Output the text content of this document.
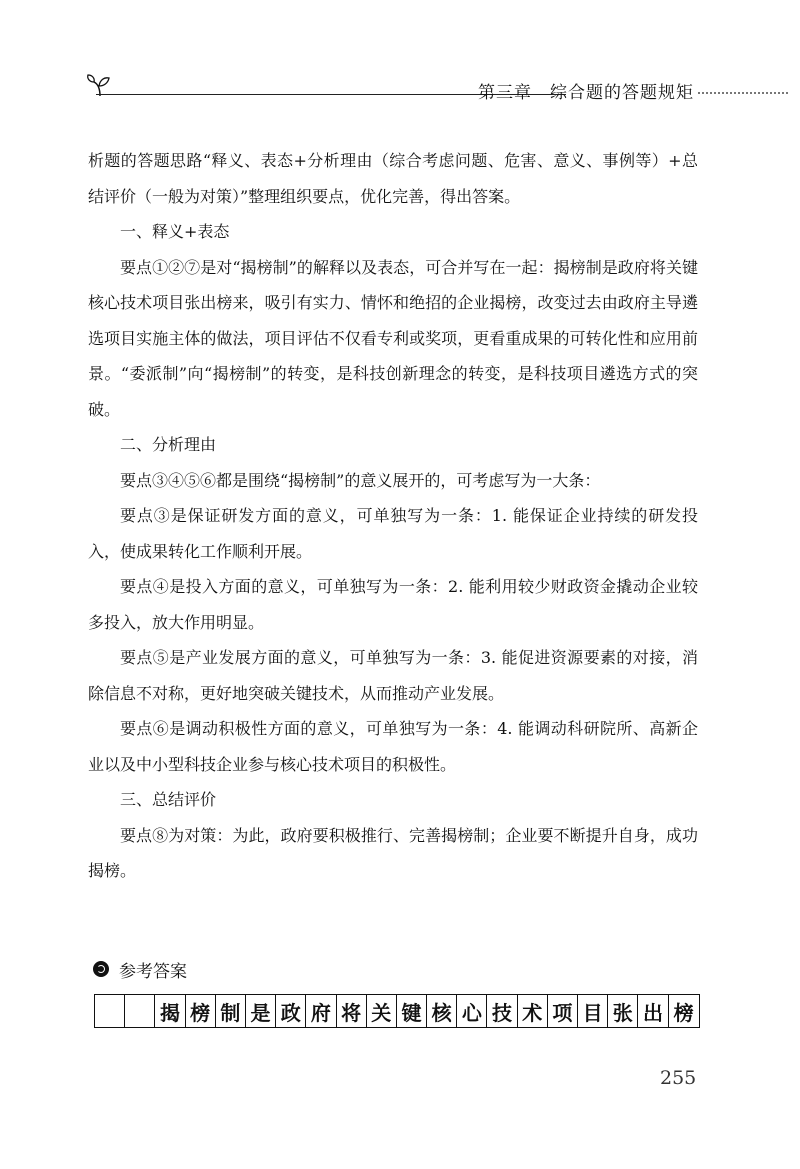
第三章 综合题的答题规矩

析题的答题思路“释义、表态+分析理由（综合考虑问题、危害、意义、事例等）+总结评价（一般为对策）”整理组织要点，优化完善，得出答案。

一、释义+表态

要点①②⑦是对“揭榜制”的解释以及表态，可合并写在一起：揭榜制是政府将关键核心技术项目张出榜来，吸引有实力、情怀和绝招的企业揭榜，改变过去由政府主导遴选项目实施主体的做法，项目评估不仅看专利或奖项，更看重成果的可转化性和应用前景。“委派制”向“揭榜制”的转变，是科技创新理念的转变，是科技项目遴选方式的突破。

二、分析理由

要点③④⑤⑥都是围绕“揭榜制”的意义展开的，可考虑写为一大条：

要点③是保证研发方面的意义，可单独写为一条：1. 能保证企业持续的研发投入，使成果转化工作顺利开展。

要点④是投入方面的意义，可单独写为一条：2. 能利用较少财政资金撬动企业较多投入，放大作用明显。

要点⑤是产业发展方面的意义，可单独写为一条：3. 能促进资源要素的对接，消除信息不对称，更好地突破关键技术，从而推动产业发展。

要点⑥是调动积极性方面的意义，可单独写为一条：4. 能调动科研院所、高新企业以及中小型科技企业参与核心技术项目的积极性。

三、总结评价

要点⑧为对策：为此，政府要积极推行、完善揭榜制；企业要不断提升自身，成功揭榜。

参考答案
揭 榜 制 是 政 府 将 关 键 核 心 技 术 项 目 张 出 榜
255
